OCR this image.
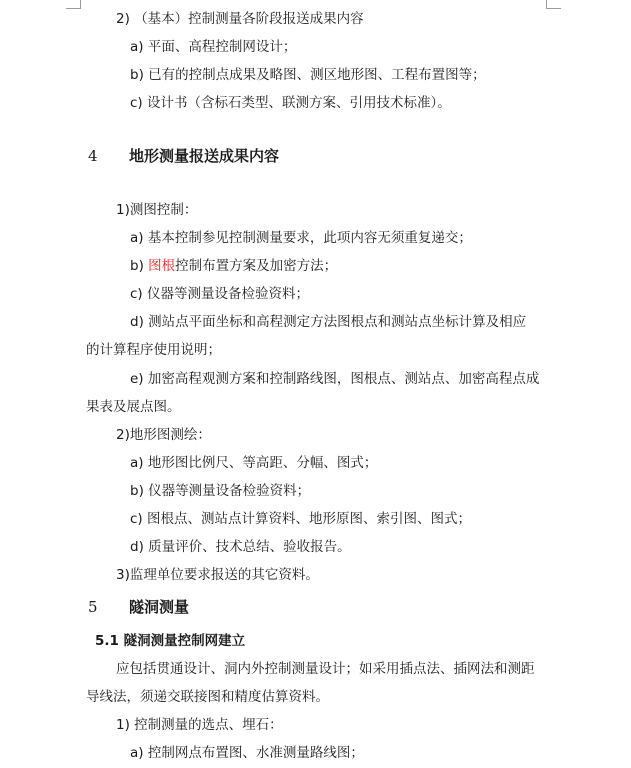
2) （基本）控制测量各阶段报送成果内容
a) 平面、高程控制网设计；
b) 已有的控制点成果及略图、测区地形图、工程布置图等；
c) 设计书（含标石类型、联测方案、引用技术标准）。
4 地形测量报送成果内容
1)测图控制：
a) 基本控制参见控制测量要求，此项内容无须重复递交；
b) 图根控制布置方案及加密方法；
c) 仪器等测量设备检验资料；
d) 测站点平面坐标和高程测定方法图根点和测站点坐标计算及相应
的计算程序使用说明；
e) 加密高程观测方案和控制路线图，图根点、测站点、加密高程点成
果表及展点图。
2)地形图测绘：
a) 地形图比例尺、等高距、分幅、图式；
b) 仪器等测量设备检验资料；
c) 图根点、测站点计算资料、地形原图、索引图、图式；
d) 质量评价、技术总结、验收报告。
3)监理单位要求报送的其它资料。
5 隧洞测量
5.1 隧洞测量控制网建立
应包括贯通设计、洞内外控制测量设计；如采用插点法、插网法和测距
导线法，须递交联接图和精度估算资料。
1) 控制测量的选点、埋石：
a) 控制网点布置图、水准测量路线图；
